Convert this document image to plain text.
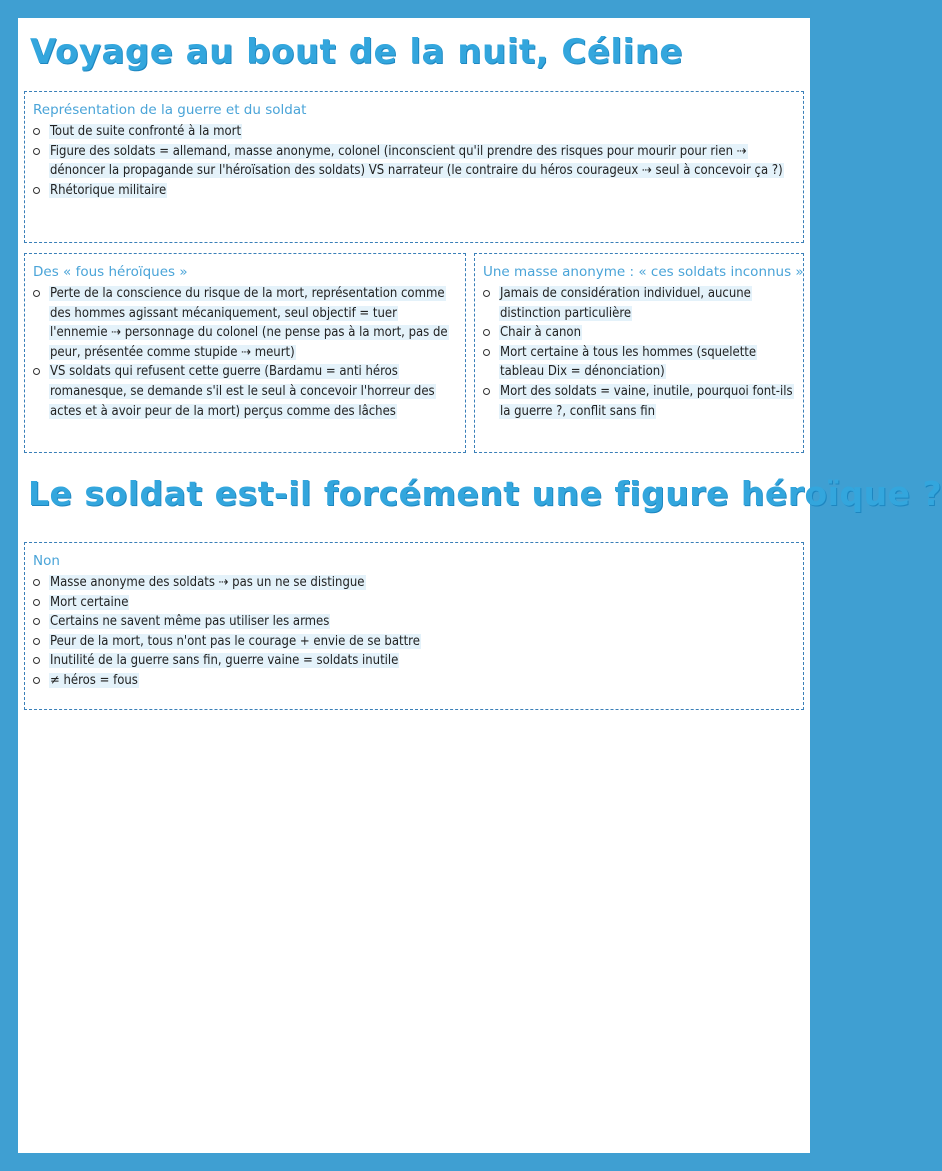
Voyage au bout de la nuit, Céline
Représentation de la guerre et du soldat
Tout de suite confronté à la mort
Figure des soldats = allemand, masse anonyme, colonel (inconscient qu'il prendre des risques pour mourir pour rien ⇢ dénoncer la propagande sur l'héroïsation des soldats) VS narrateur (le contraire du héros courageux ⇢ seul à concevoir ça ?)
Rhétorique militaire
Des « fous héroïques »
Perte de la conscience du risque de la mort, représentation comme des hommes agissant mécaniquement, seul objectif = tuer l'ennemie ⇢ personnage du colonel (ne pense pas à la mort, pas de peur, présentée comme stupide ⇢ meurt)
VS soldats qui refusent cette guerre (Bardamu = anti héros romanesque, se demande s'il est le seul à concevoir l'horreur des actes et à avoir peur de la mort) perçus comme des lâches
Une masse anonyme : « ces soldats inconnus »
Jamais de considération individuel, aucune distinction particulière
Chair à canon
Mort certaine à tous les hommes (squelette tableau Dix = dénonciation)
Mort des soldats = vaine, inutile, pourquoi font-ils la guerre ?, conflit sans fin
Le soldat est-il forcément une figure héroïque ?
Non
Masse anonyme des soldats ⇢ pas un ne se distingue
Mort certaine
Certains ne savent même pas utiliser les armes
Peur de la mort, tous n'ont pas le courage + envie de se battre
Inutilité de la guerre sans fin, guerre vaine = soldats inutile
≠ héros = fous
